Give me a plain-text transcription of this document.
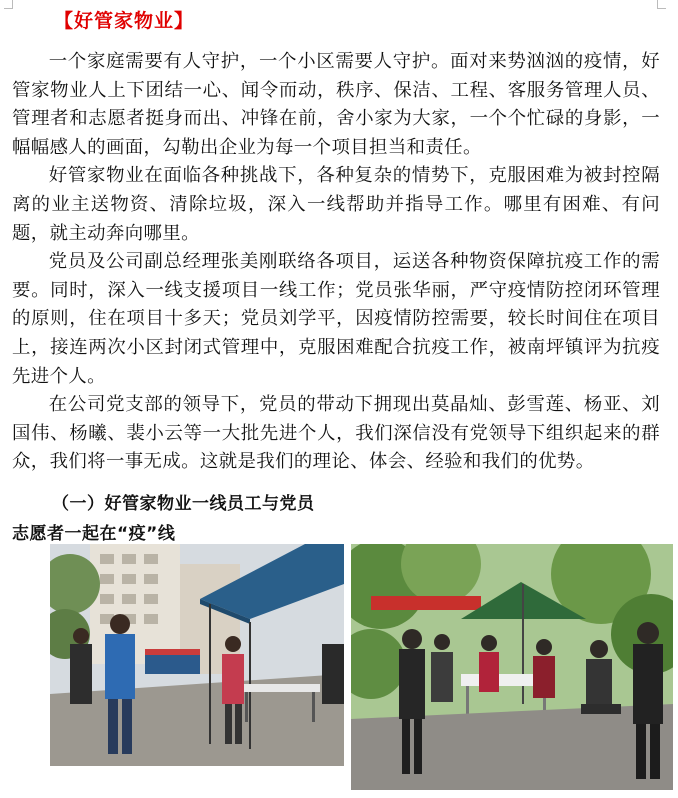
【好管家物业】

一个家庭需要有人守护，一个小区需要人守护。面对来势汹汹的疫情，好管家物业人上下团结一心、闻令而动，秩序、保洁、工程、客服务管理人员、管理者和志愿者挺身而出、冲锋在前，舍小家为大家，一个个忙碌的身影，一幅幅感人的画面，勾勒出企业为每一个项目担当和责任。

好管家物业在面临各种挑战下，各种复杂的情势下，克服困难为被封控隔离的业主送物资、清除垃圾，深入一线帮助并指导工作。哪里有困难、有问题，就主动奔向哪里。

党员及公司副总经理张美刚联络各项目，运送各种物资保障抗疫工作的需要。同时，深入一线支援项目一线工作；党员张华丽，严守疫情防控闭环管理的原则，住在项目十多天；党员刘学平，因疫情防控需要，较长时间住在项目上，接连两次小区封闭式管理中，克服困难配合抗疫工作，被南坪镇评为抗疫先进个人。

在公司党支部的领导下，党员的带动下拥现出莫晶灿、彭雪莲、杨亚、刘国伟、杨曦、裴小云等一大批先进个人，我们深信没有党领导下组织起来的群众，我们将一事无成。这就是我们的理论、体会、经验和我们的优势。

（一）好管家物业一线员工与党员
志愿者一起在“疫”线
